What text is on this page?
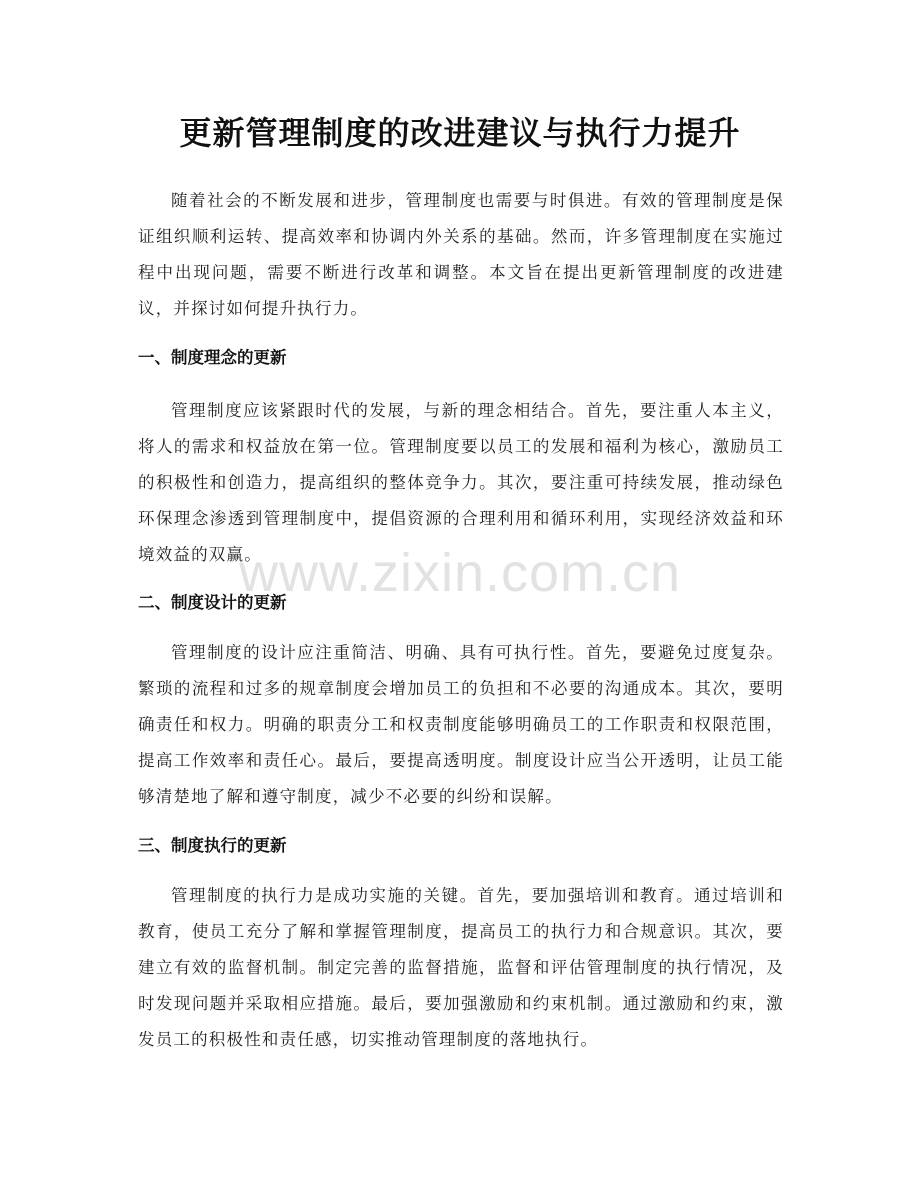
更新管理制度的改进建议与执行力提升

随着社会的不断发展和进步，管理制度也需要与时俱进。有效的管理制度是保证组织顺利运转、提高效率和协调内外关系的基础。然而，许多管理制度在实施过程中出现问题，需要不断进行改革和调整。本文旨在提出更新管理制度的改进建议，并探讨如何提升执行力。

一、制度理念的更新

管理制度应该紧跟时代的发展，与新的理念相结合。首先，要注重人本主义，将人的需求和权益放在第一位。管理制度要以员工的发展和福利为核心，激励员工的积极性和创造力，提高组织的整体竞争力。其次，要注重可持续发展，推动绿色环保理念渗透到管理制度中，提倡资源的合理利用和循环利用，实现经济效益和环境效益的双赢。

二、制度设计的更新

管理制度的设计应注重简洁、明确、具有可执行性。首先，要避免过度复杂。繁琐的流程和过多的规章制度会增加员工的负担和不必要的沟通成本。其次，要明确责任和权力。明确的职责分工和权责制度能够明确员工的工作职责和权限范围，提高工作效率和责任心。最后，要提高透明度。制度设计应当公开透明，让员工能够清楚地了解和遵守制度，减少不必要的纠纷和误解。

三、制度执行的更新

管理制度的执行力是成功实施的关键。首先，要加强培训和教育。通过培训和教育，使员工充分了解和掌握管理制度，提高员工的执行力和合规意识。其次，要建立有效的监督机制。制定完善的监督措施，监督和评估管理制度的执行情况，及时发现问题并采取相应措施。最后，要加强激励和约束机制。通过激励和约束，激发员工的积极性和责任感，切实推动管理制度的落地执行。

www.zixin.com.cn
